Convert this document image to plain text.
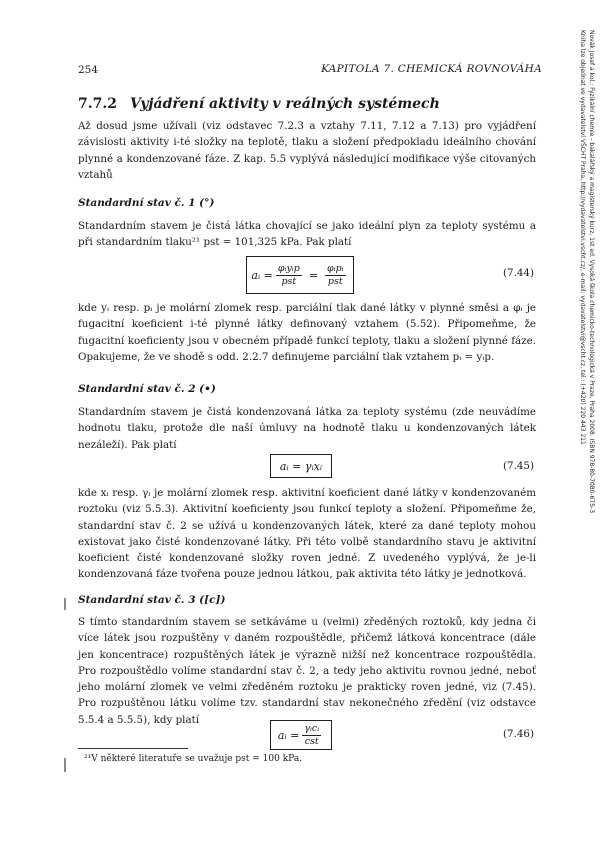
254	KAPITOLA 7. CHEMICKÁ ROVNOVÁHA
7.7.2 Vyjádření aktivity v reálných systémech

Až dosud jsme užívali (viz odstavec 7.2.3 a vztahy 7.11, 7.12 a 7.13) pro vyjádření závislosti aktivity i-té složky na teplotě, tlaku a složení předpokladu ideálního chování plynné a kondenzované fáze. Z kap. 5.5 vyplývá následující modifikace výše citovaných vztahů

Standardní stav č. 1 (°)

Standardním stavem je čistá látka chovající se jako ideální plyn za teploty systému a při standardním tlaku²¹ pst = 101,325 kPa. Pak platí

aᵢ = $\frac{\text{φᵢyᵢp}}{\text{pst}} = \frac{\text{φᵢpᵢ}}{\text{pst}}$	(7.44)

kde yᵢ resp. pᵢ je molární zlomek resp. parciální tlak dané látky v plynné směsi a φᵢ je fugacitní koeficient i-té plynné látky definovaný vztahem (5.52). Připomeňme, že fugacitní koeficienty jsou v obecném případě funkcí teploty, tlaku a složení plynné fáze. Opakujeme, že ve shodě s odd. 2.2.7 definujeme parciální tlak vztahem pᵢ = yᵢp.

Standardní stav č. 2 (•)

Standardním stavem je čistá kondenzovaná látka za teploty systému (zde neuvádíme hodnotu tlaku, protože dle naší úmluvy na hodnotě tlaku u kondenzovaných látek nezáleží). Pak platí

aᵢ = γᵢxᵢ	(7.45)

kde xᵢ resp. γᵢ je molární zlomek resp. aktivitní koeficient dané látky v kondenzovaném roztoku (viz 5.5.3). Aktivitní koeficienty jsou funkcí teploty a složení. Připomeňme že, standardní stav č. 2 se užívá u kondenzovaných látek, které za dané teploty mohou existovat jako čisté kondenzované látky. Při této volbě standardního stavu je aktivitní koeficient čisté kondenzované složky roven jedné. Z uvedeného vyplývá, že je-li kondenzovaná fáze tvořena pouze jednou látkou, pak aktivita této látky je jednotková.

Standardní stav č. 3 ([c])

S tímto standardním stavem se setkáváme u (velmi) zředěných roztoků, kdy jedna či více látek jsou rozpuštěny v daném rozpouštědle, přičemž látková koncentrace (dále jen koncentrace) rozpuštěných látek je výrazně nižší než koncentrace rozpouštědla. Pro rozpouštědlo volíme standardní stav č. 2, a tedy jeho aktivitu rovnou jedné, neboť jeho molární zlomek ve velmi zředěném roztoku je prakticky roven jedné, viz (7.45). Pro rozpuštěnou látku volíme tzv. standardní stav nekonečného zředění (viz odstavce 5.5.4 a 5.5.5), kdy platí

aᵢ = $\frac{\text{γᵢcᵢ}}{\text{cst}}$	(7.46)
²¹V některé literatuře se uvažuje pst = 100 kPa.
Novák Josef a kol.: Fyzikální chemie - bakalářský a magisterský kurz, 1st ed. Vysoká škola chemicko-technologická v Praze, Praha 2008. ISBN 978-80-7080-675-3
Kniha lze objednat ve vydavatelství VŠCHT Praha, http://vydavatelstvi.vscht.cz/, e-mail: vydavatelstvi@vscht.cz, tel.: (+420) 220 443 211
